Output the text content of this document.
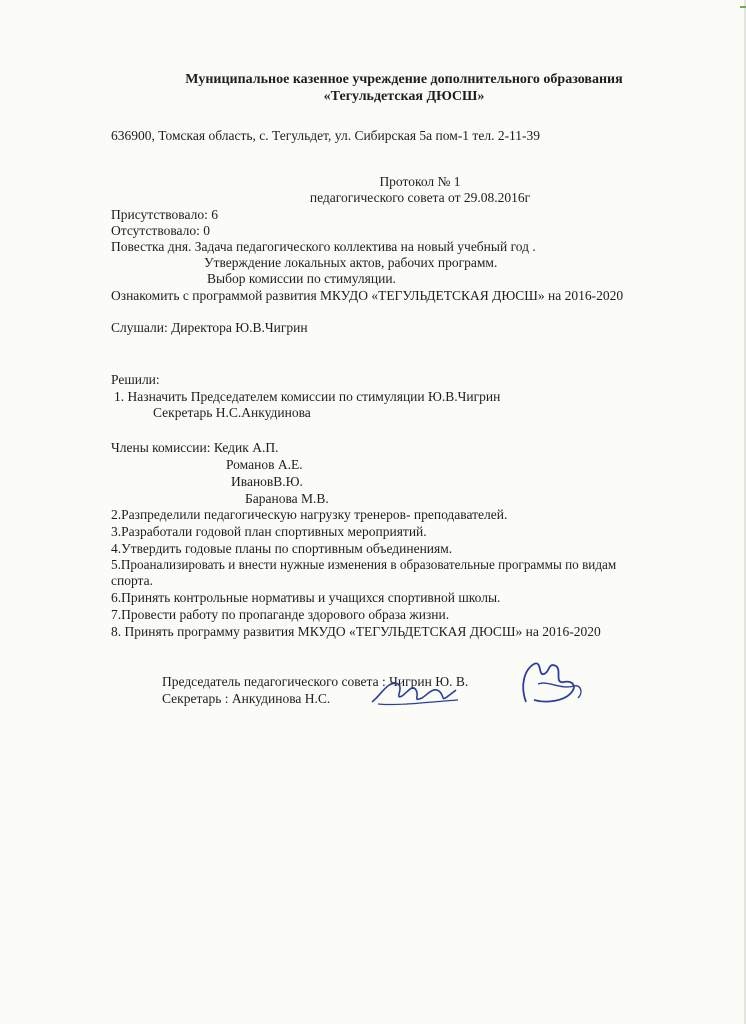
Муниципальное казенное учреждение дополнительного образования
«Тегульдетская ДЮСШ»
636900, Томская область, с. Тегульдет, ул. Сибирская 5а пом-1 тел. 2-11-39
Протокол № 1
педагогического совета от 29.08.2016г
Присутствовало: 6
Отсутствовало: 0
Повестка дня. Задача педагогического коллектива на новый учебный год .
Утверждение локальных актов, рабочих программ.
Выбор комиссии по стимуляции.
Ознакомить с программой развития МКУДО «ТЕГУЛЬДЕТСКАЯ ДЮСШ» на 2016-2020
Слушали: Директора Ю.В.Чигрин
Решили:
1. Назначить Председателем комиссии по стимуляции Ю.В.Чигрин
Секретарь Н.С.Анкудинова
Члены комиссии: Кедик А.П.
Романов А.Е.
ИвановВ.Ю.
Баранова М.В.
2.Разпределили педагогическую нагрузку тренеров- преподавателей.
3.Разработали годовой план спортивных мероприятий.
4.Утвердить годовые планы по спортивным объединениям.
5.Проанализировать и внести нужные изменения в образовательные программы по видам
спорта.
6.Принять контрольные нормативы и учащихся спортивной школы.
7.Провести работу по пропаганде здорового образа жизни.
8. Принять программу развития МКУДО «ТЕГУЛЬДЕТСКАЯ ДЮСШ» на 2016-2020
Председатель педагогического совета : Чигрин Ю. В.
Секретарь : Анкудинова Н.С.
